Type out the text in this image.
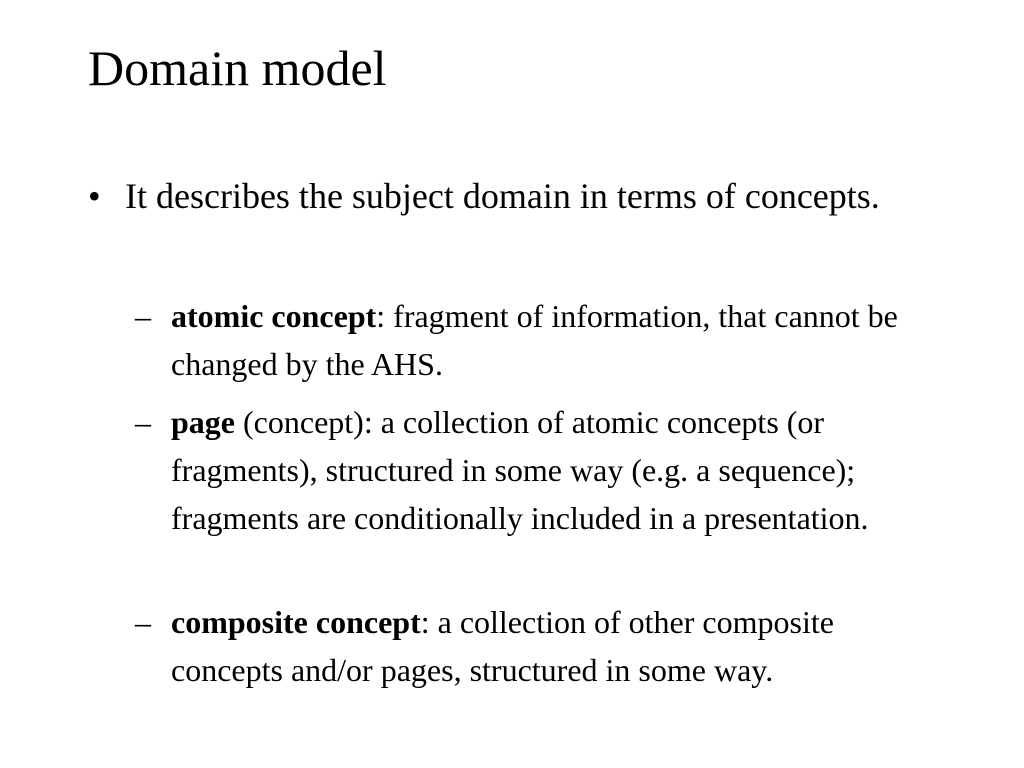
Domain model
• It describes the subject domain in terms of concepts.
– atomic concept: fragment of information, that cannot be changed by the AHS.
– page (concept): a collection of atomic concepts (or fragments), structured in some way (e.g. a sequence); fragments are conditionally included in a presentation.
– composite concept: a collection of other composite concepts and/or pages, structured in some way.
